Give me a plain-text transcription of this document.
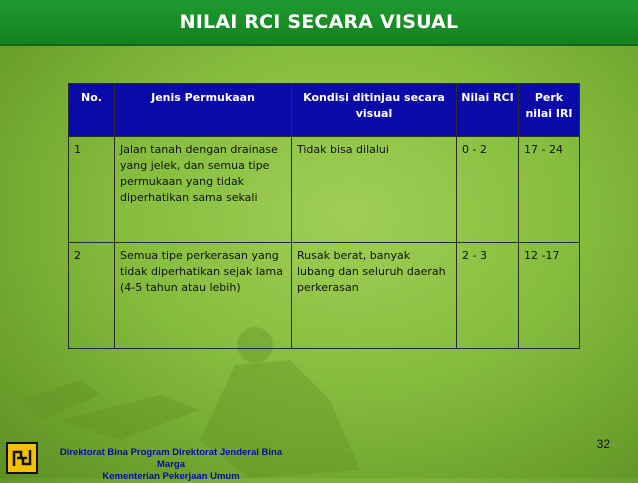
NILAI RCI SECARA VISUAL
No.	Jenis Permukaan	Kondisi ditinjau secara visual	Nilai RCI	Perk nilai IRI
1	Jalan tanah dengan drainase yang jelek, dan semua tipe permukaan yang tidak diperhatikan sama sekali	Tidak bisa dilalui	0 - 2	17 - 24
2	Semua tipe perkerasan yang tidak diperhatikan sejak lama (4-5 tahun atau lebih)	Rusak berat, banyak lubang dan seluruh daerah perkerasan	2 - 3	12 -17
Direktorat Bina Program Direktorat Jenderal Bina Marga
Kementerian Pekerjaan Umum
32
